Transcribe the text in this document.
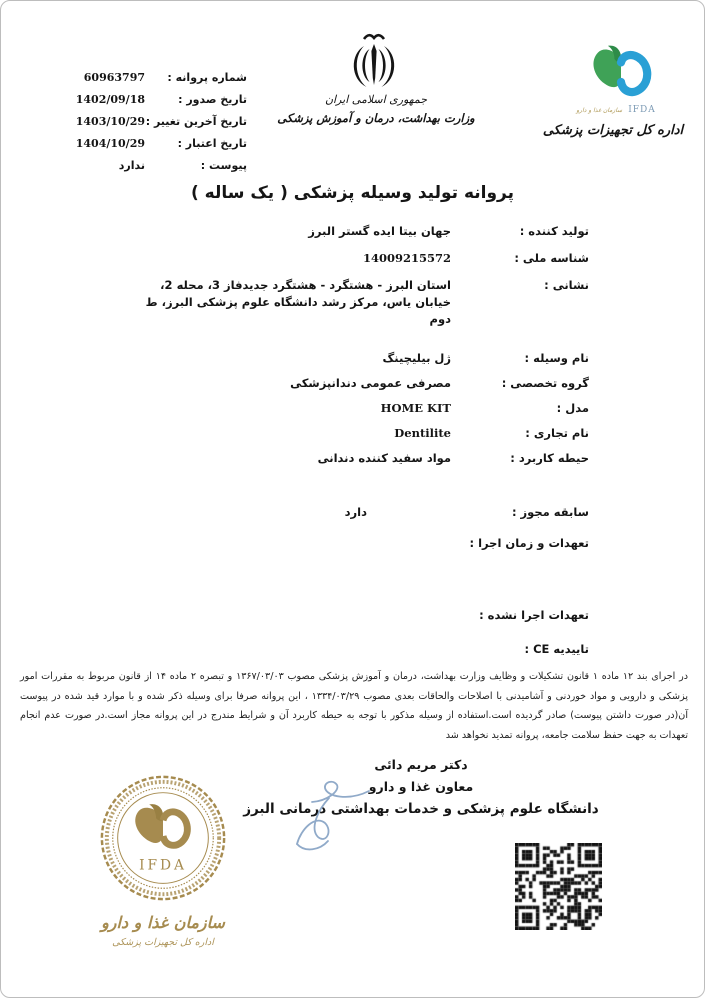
60963797	شماره پروانه :
1402/09/18	تاریخ صدور :
1403/10/29 تاریخ آخرین تغییر :
1404/10/29	تاریخ اعتبار :
ندارد	پیوست :
جمهوری اسلامی ایران
وزارت بهداشت، درمان و آموزش پزشکی
سازمان غذا و دارو IFDA
اداره کل تجهیزات پزشکی
پروانه تولید وسیله پزشکی ( یک ساله )
تولید کننده :
جهان بیتا ایده گستر البرز
شناسه ملی :
14009215572
نشانی :
استان البرز - هشتگرد - هشتگرد جدیدفاز 3، محله 2، خیابان یاس، مرکز رشد دانشگاه علوم پزشکی البرز، ط دوم
نام وسیله :
ژل بیلیچینگ
گروه تخصصی :
مصرفی عمومی دندانپزشکی
مدل :
HOME KIT
نام تجاری :
Dentilite
حیطه کاربرد :
مواد سفید کننده دندانی
سابقه مجوز :
دارد
تعهدات و زمان اجرا :
تعهدات اجرا نشده :
تاییدیه CE :
در اجرای بند ۱۲ ماده ۱ قانون تشکیلات و وظایف وزارت بهداشت، درمان و آموزش پزشکی مصوب ۱۳۶۷/۰۳/۰۳ و تبصره ۲ ماده ۱۴ از قانون مربوط به مقررات امور پزشکی و دارویی و مواد خوردنی و آشامیدنی با اصلاحات والحاقات بعدی مصوب ۱۳۳۴/۰۳/۲۹ ، این پروانه صرفا برای وسیله ذکر شده و با موارد قید شده در پیوست آن(در صورت داشتن پیوست) صادر گردیده است.استفاده از وسیله مذکور با توجه به حیطه کاربرد آن و شرایط مندرج در این پروانه مجاز است.در صورت عدم انجام تعهدات به جهت حفظ سلامت جامعه، پروانه تمدید نخواهد شد
دکتر مریم دائی
معاون غذا و دارو
دانشگاه علوم پزشکی و خدمات بهداشتی درمانی البرز
IFDA
سازمان غذا و دارو
اداره کل تجهیزات پزشکی
